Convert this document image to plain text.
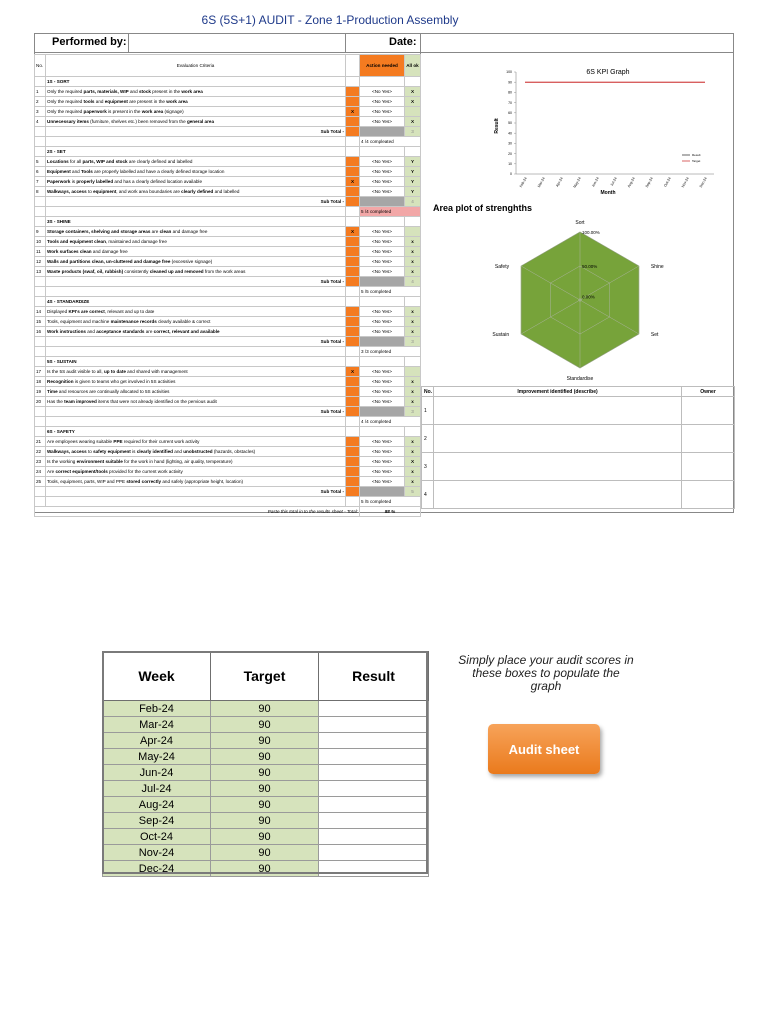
6S (5S+1) AUDIT - Zone 1-Production Assembly
Performed by:	Date:
No.	Evaluation Criteria		Action needed	All ok
	1S - SORT			
1	Only the required parts, materials, WIP and stock present in the work area		<No Yes>	X
2	Only the required tools and equipment are present in the work area		<No Yes>	X
3	Only the required paperwork is present in the work area (signage)	X	<No Yes>	
4	Unnecessary items (furniture, shelves etc.) been removed from the general area		<No Yes>	X
	Sub Total -			3
			4 /4 compleated	
	2S - SET			
5	Locations for all parts, WIP and stock are clearly defined and labelled		<No Yes>	Y
6	Equipment and Tools are properly labelled and have a clearly defined storage location		<No Yes>	Y
7	Paperwork is properly labelled and has a clearly defined location available	X	<No Yes>	Y
8	Walkways, access to equipment, and work area boundaries are clearly defined and labelled		<No Yes>	Y
	Sub Total -			4
			5 /4 completed	
	3S - SHINE			
9	Storage containers, shelving and storage areas are clean and damage free	X	<No Yes>	
10	Tools and equipment clean, maintained and damage free		<No Yes>	x
11	Work surfaces clean and damage free		<No Yes>	x
12	Walls and partitions clean, un-cluttered and damage free (excessive signage)		<No Yes>	x
13	Waste products (swaf, oil, rubbish) consistently cleaned up and removed from the work areas		<No Yes>	x
	Sub Total -			4
			5 /5 completed	
	4S - STANDARDIZE			
14	Displayed KPI's are correct, relevant and up to date		<No Yes>	x
15	Tools, equipment and machine maintenance records clearly available & correct		<No Yes>	x
16	Work instructions and acceptance standards are correct, relevant and available		<No Yes>	x
	Sub Total -			3
			3 /3 completed	
	5S - SUSTAIN			
17	Is the 5S audit visible to all, up to date and shared with management	X	<No Yes>	
18	Recognition is given to teams who get involved in 5S activities		<No Yes>	x
19	Time and resources are continually allocated to 5S activities		<No Yes>	x
20	Has the team improved items that were not already identified on the pervious audit		<No Yes>	x
	Sub Total -			3
			4 /4 completed	
	6S - SAFETY			
21	Are employees wearing suitable PPE required for their current work activity		<No Yes>	x
22	Walkways, access to safety equipment is clearly identified and unobstructed (hazards, obstacles)		<No Yes>	x
23	Is the working environment suitable for the work in hand (lighting, air quality, temperature)		<No Yes>	X
24	Are correct equipment/tools provided for the current work activity		<No Yes>	x
25	Tools, equipment, parts, WIP and PPE stored correctly and safely (appropriate height, location)		<No Yes>	x
	Sub Total -			5
			5 /5 completed	
Paste this total in to the results sheet - Total:			88 %	
6S KPI Graph
100
90
80
70
60
50
40
30
20
10
0
Result
Feb-24	Mar-24	Apr-24 May-24	Jun-24	Jul-24	Aug-24	Sep-24	Oct-24	Nov-24	Dec-24
Month
Result
Target
Area plot of strenghths
Sort
Shine
Set
Standardise
Sustain
Safety
100.00%
50.00%
0.00%
No.	Improvement identified (describe)	Owner
1		
2		
3		
4		
Week	Target	Result
Feb-24	90	
Mar-24	90	
Apr-24	90	
May-24	90	
Jun-24	90	
Jul-24	90	
Aug-24	90	
Sep-24	90	
Oct-24	90	
Nov-24	90	
Dec-24	90	
Simply place your audit scores in these boxes to populate the graph
Audit sheet
